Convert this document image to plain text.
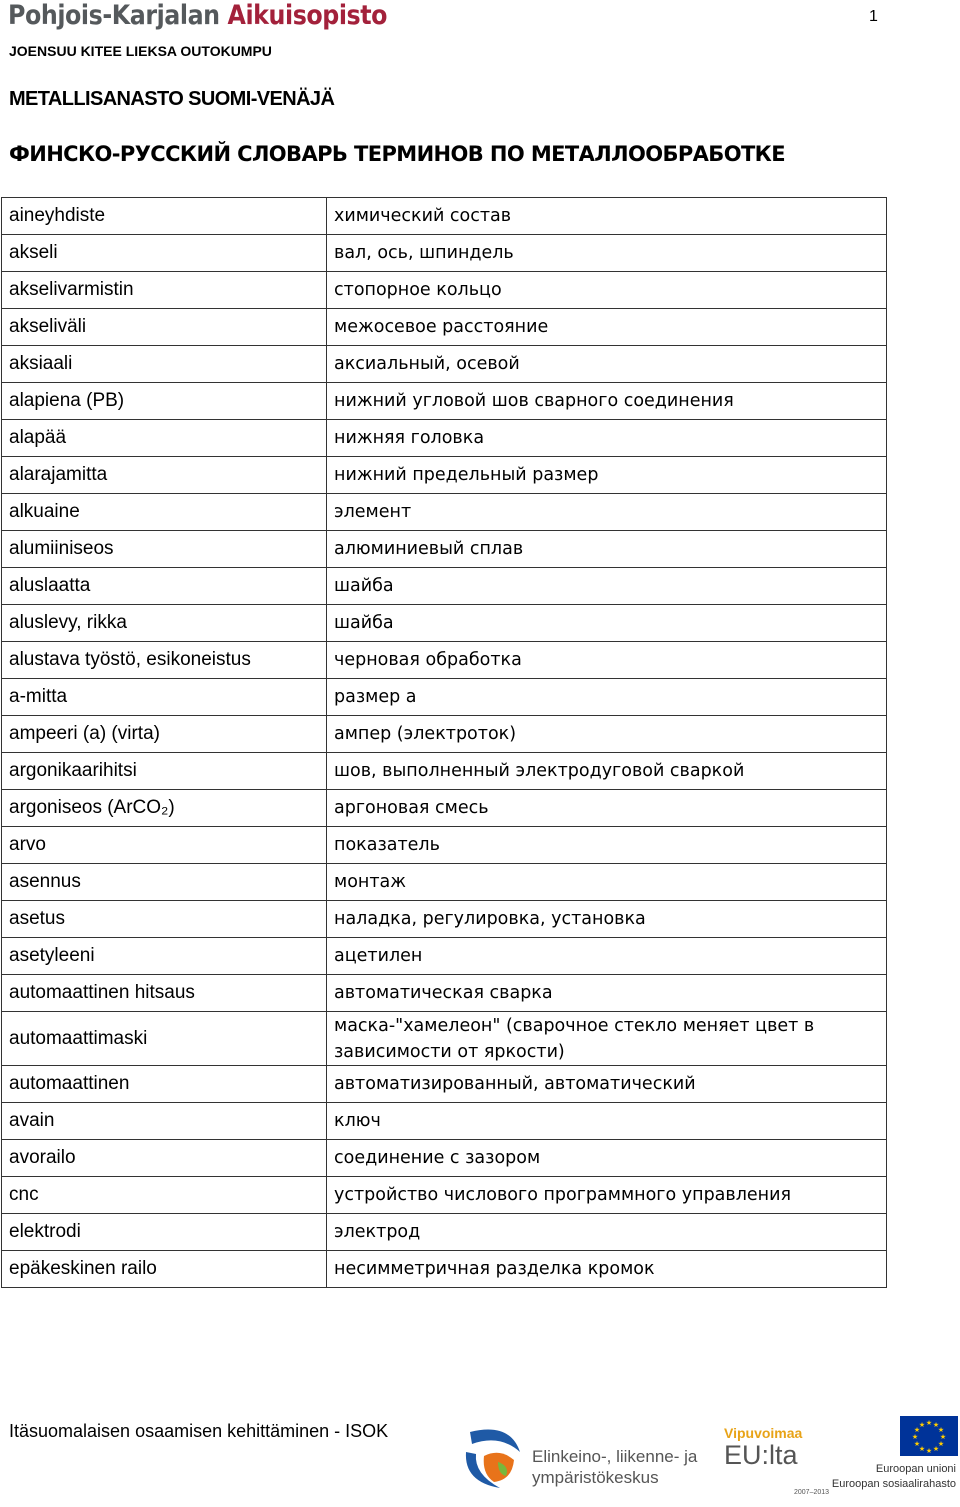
Pohjois-Karjalan Aikuisopisto	1
JOENSUU KITEE LIEKSA OUTOKUMPU
METALLISANASTO SUOMI-VENÄJÄ
ФИНСКО-РУССКИЙ СЛОВАРЬ ТЕРМИНОВ ПО МЕТАЛЛООБРАБОТКЕ
aineyhdiste	химический состав
akseli	вал, ось, шпиндель
akselivarmistin	стопорное кольцо
akseliväli	межосевое расстояние
aksiaali	аксиальный, осевой
alapiena (PB)	нижний угловой шов сварного соединения
alapää	нижняя головка
alarajamitta	нижний предельный размер
alkuaine	элемент
alumiiniseos	алюминиевый сплав
aluslaatta	шайба
aluslevy, rikka	шайба
alustava työstö, esikoneistus	черновая обработка
a-mitta	размер а
ampeeri (a) (virta)	ампер (электроток)
argonikaarihitsi	шов, выполненный электродуговой сваркой
argoniseos (ArCO₂)	аргоновая смесь
arvo	показатель
asennus	монтаж
asetus	наладка, регулировка, установка
asetyleeni	ацетилен
automaattinen hitsaus	автоматическая сварка
automaattimaski	маска-"хамелеон" (сварочное стекло меняет цвет в зависимости от яркости)
automaattinen	автоматизированный, автоматический
avain	ключ
avorailo	соединение с зазором
cnc	устройство числового программного управления
elektrodi	электрод
epäkeskinen railo	несимметричная разделка кромок
Itäsuomalaisen osaamisen kehittäminen - ISOK
Elinkeino-, liikenne- ja
ympäristökeskus
Vipuvoimaa
EU:lta
2007–2013
★ ★
★
★
★
★
★
★
★
★
★
★
Euroopan unioni
Euroopan sosiaalirahasto
